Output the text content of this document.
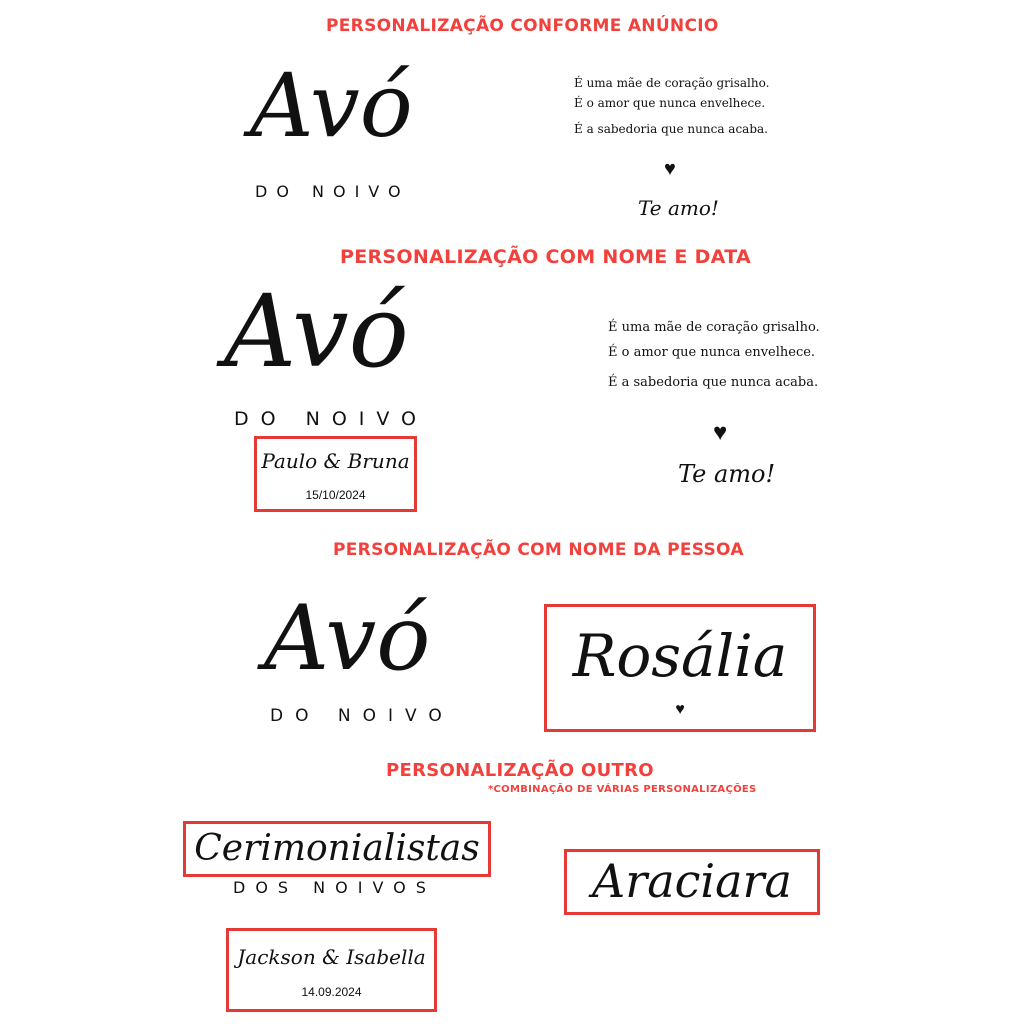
PERSONALIZAÇÃO CONFORME ANÚNCIO
Avó
DO NOIVO
É uma mãe de coração grisalho.
É o amor que nunca envelhece.
É a sabedoria que nunca acaba.
♥
Te amo!
PERSONALIZAÇÃO COM NOME E DATA
Avó
DO NOIVO
Paulo & Bruna
15/10/2024
É uma mãe de coração grisalho.
É o amor que nunca envelhece.
É a sabedoria que nunca acaba.
♥
Te amo!
PERSONALIZAÇÃO COM NOME DA PESSOA
Avó
DO NOIVO
Rosália
♥
PERSONALIZAÇÃO OUTRO
*COMBINAÇÃO DE VÁRIAS PERSONALIZAÇÕES
Cerimonialistas
DOS NOIVOS	Araciara
Jackson & Isabella
14.09.2024
